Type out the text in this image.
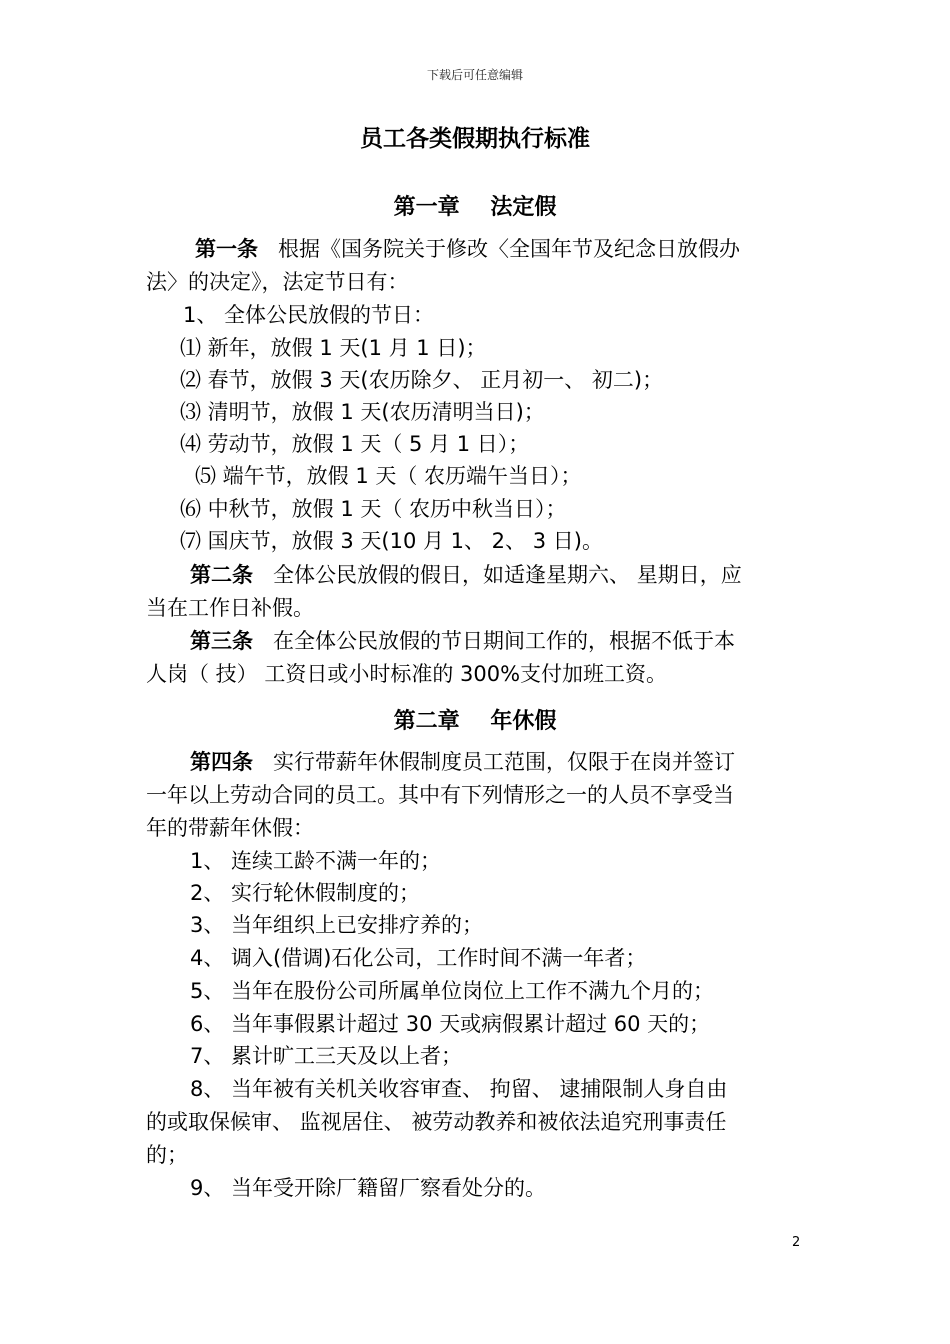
下载后可任意编辑
员工各类假期执行标准
第一章 法定假
第一条 根据《国务院关于修改〈全国年节及纪念日放假办
法〉的决定》，法定节日有：
1、 全体公民放假的节日：
⑴ 新年，放假 1 天(1 月 1 日)；
⑵ 春节，放假 3 天(农历除夕、 正月初一、 初二)；
⑶ 清明节，放假 1 天(农历清明当日)；
⑷ 劳动节，放假 1 天（ 5 月 1 日）；
⑸ 端午节，放假 1 天（ 农历端午当日）；
⑹ 中秋节，放假 1 天（ 农历中秋当日）；
⑺ 国庆节，放假 3 天(10 月 1、 2、 3 日)。
第二条 全体公民放假的假日，如适逢星期六、 星期日，应
当在工作日补假。
第三条 在全体公民放假的节日期间工作的，根据不低于本
人岗（ 技） 工资日或小时标准的 300%支付加班工资。
第二章 年休假
第四条 实行带薪年休假制度员工范围，仅限于在岗并签订
一年以上劳动合同的员工。其中有下列情形之一的人员不享受当
年的带薪年休假：
1、 连续工龄不满一年的；
2、 实行轮休假制度的；
3、 当年组织上已安排疗养的；
4、 调入(借调)石化公司，工作时间不满一年者；
5、 当年在股份公司所属单位岗位上工作不满九个月的；
6、 当年事假累计超过 30 天或病假累计超过 60 天的；
7、 累计旷工三天及以上者；
8、 当年被有关机关收容审查、 拘留、 逮捕限制人身自由
的或取保候审、 监视居住、 被劳动教养和被依法追究刑事责任
的；
9、 当年受开除厂籍留厂察看处分的。
2
